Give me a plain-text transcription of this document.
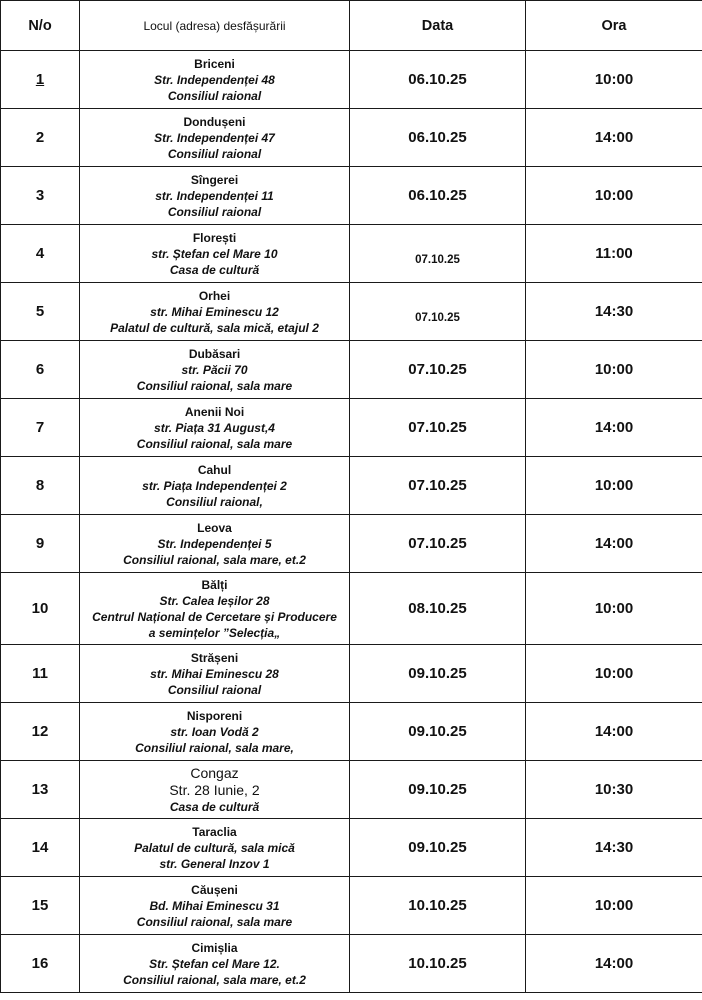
N/o	Locul (adresa) desfășurării	Data	Ora
1	Briceni
Str. Independenței 48
Consiliul raional	06.10.25	10:00
2	Dondușeni
Str. Independenței 47
Consiliul raional	06.10.25	14:00
3	Sîngerei
str. Independenței 11
Consiliul raional	06.10.25	10:00
4	Florești
str. Ștefan cel Mare 10
Casa de cultură	07.10.25	11:00
5	Orhei
str. Mihai Eminescu 12
Palatul de cultură, sala mică, etajul 2	07.10.25	14:30
6	Dubăsari
str. Păcii 70
Consiliul raional, sala mare	07.10.25	10:00
7	Anenii Noi
str. Piața 31 August,4
Consiliul raional, sala mare	07.10.25	14:00
8	Cahul
str. Piața Independenței 2
Consiliul raional,	07.10.25	10:00
9	Leova
Str. Independenței 5
Consiliul raional, sala mare, et.2	07.10.25	14:00
10	Bălți
Str. Calea Ieșilor 28
Centrul Național de Cercetare și Producere
a semințelor ”Selecția„	08.10.25	10:00
11	Strășeni
str. Mihai Eminescu 28
Consiliul raional	09.10.25	10:00
12	Nisporeni
str. Ioan Vodă 2
Consiliul raional, sala mare,	09.10.25	14:00
13	Congaz
Str. 28 Iunie, 2
Casa de cultură	09.10.25	10:30
14	Taraclia
Palatul de cultură, sala mică
str. General Inzov 1	09.10.25	14:30
15	Căușeni
Bd. Mihai Eminescu 31
Consiliul raional, sala mare	10.10.25	10:00
16	Cimișlia
Str. Ștefan cel Mare 12.
Consiliul raional, sala mare, et.2	10.10.25	14:00
